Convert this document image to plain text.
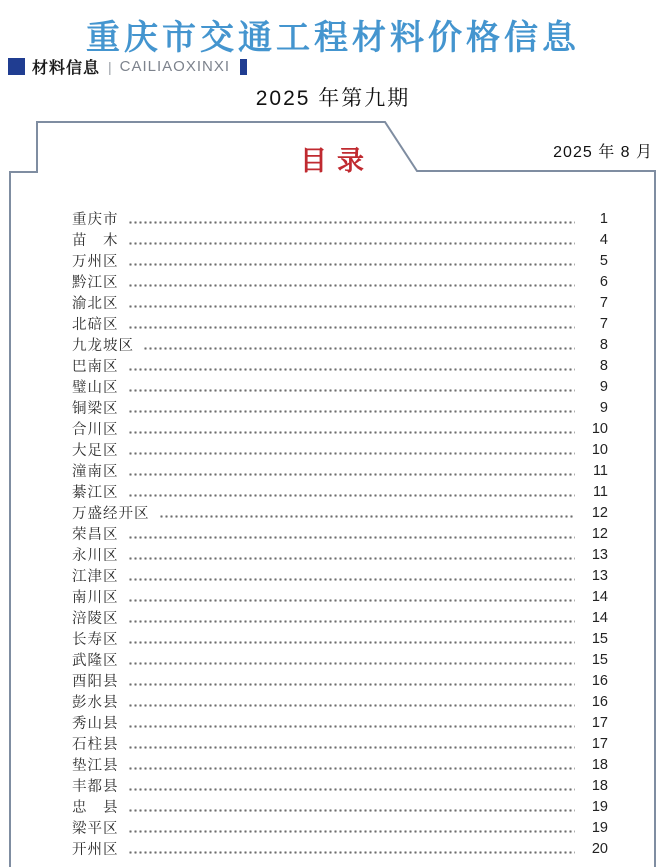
重庆市交通工程材料价格信息
材料信息 | CAILIAOXINXI
2025 年第九期
目录	2025 年 8 月
重庆市	1
苗　木	4
万州区	5
黔江区	6
渝北区	7
北碚区	7
九龙坡区	8
巴南区	8
璧山区	9
铜梁区	9
合川区	10
大足区	10
潼南区	11
綦江区	11
万盛经开区	12
荣昌区	12
永川区	13
江津区	13
南川区	14
涪陵区	14
长寿区	15
武隆区	15
酉阳县	16
彭水县	16
秀山县	17
石柱县	17
垫江县	18
丰都县	18
忠　县	19
梁平区	19
开州区	20
